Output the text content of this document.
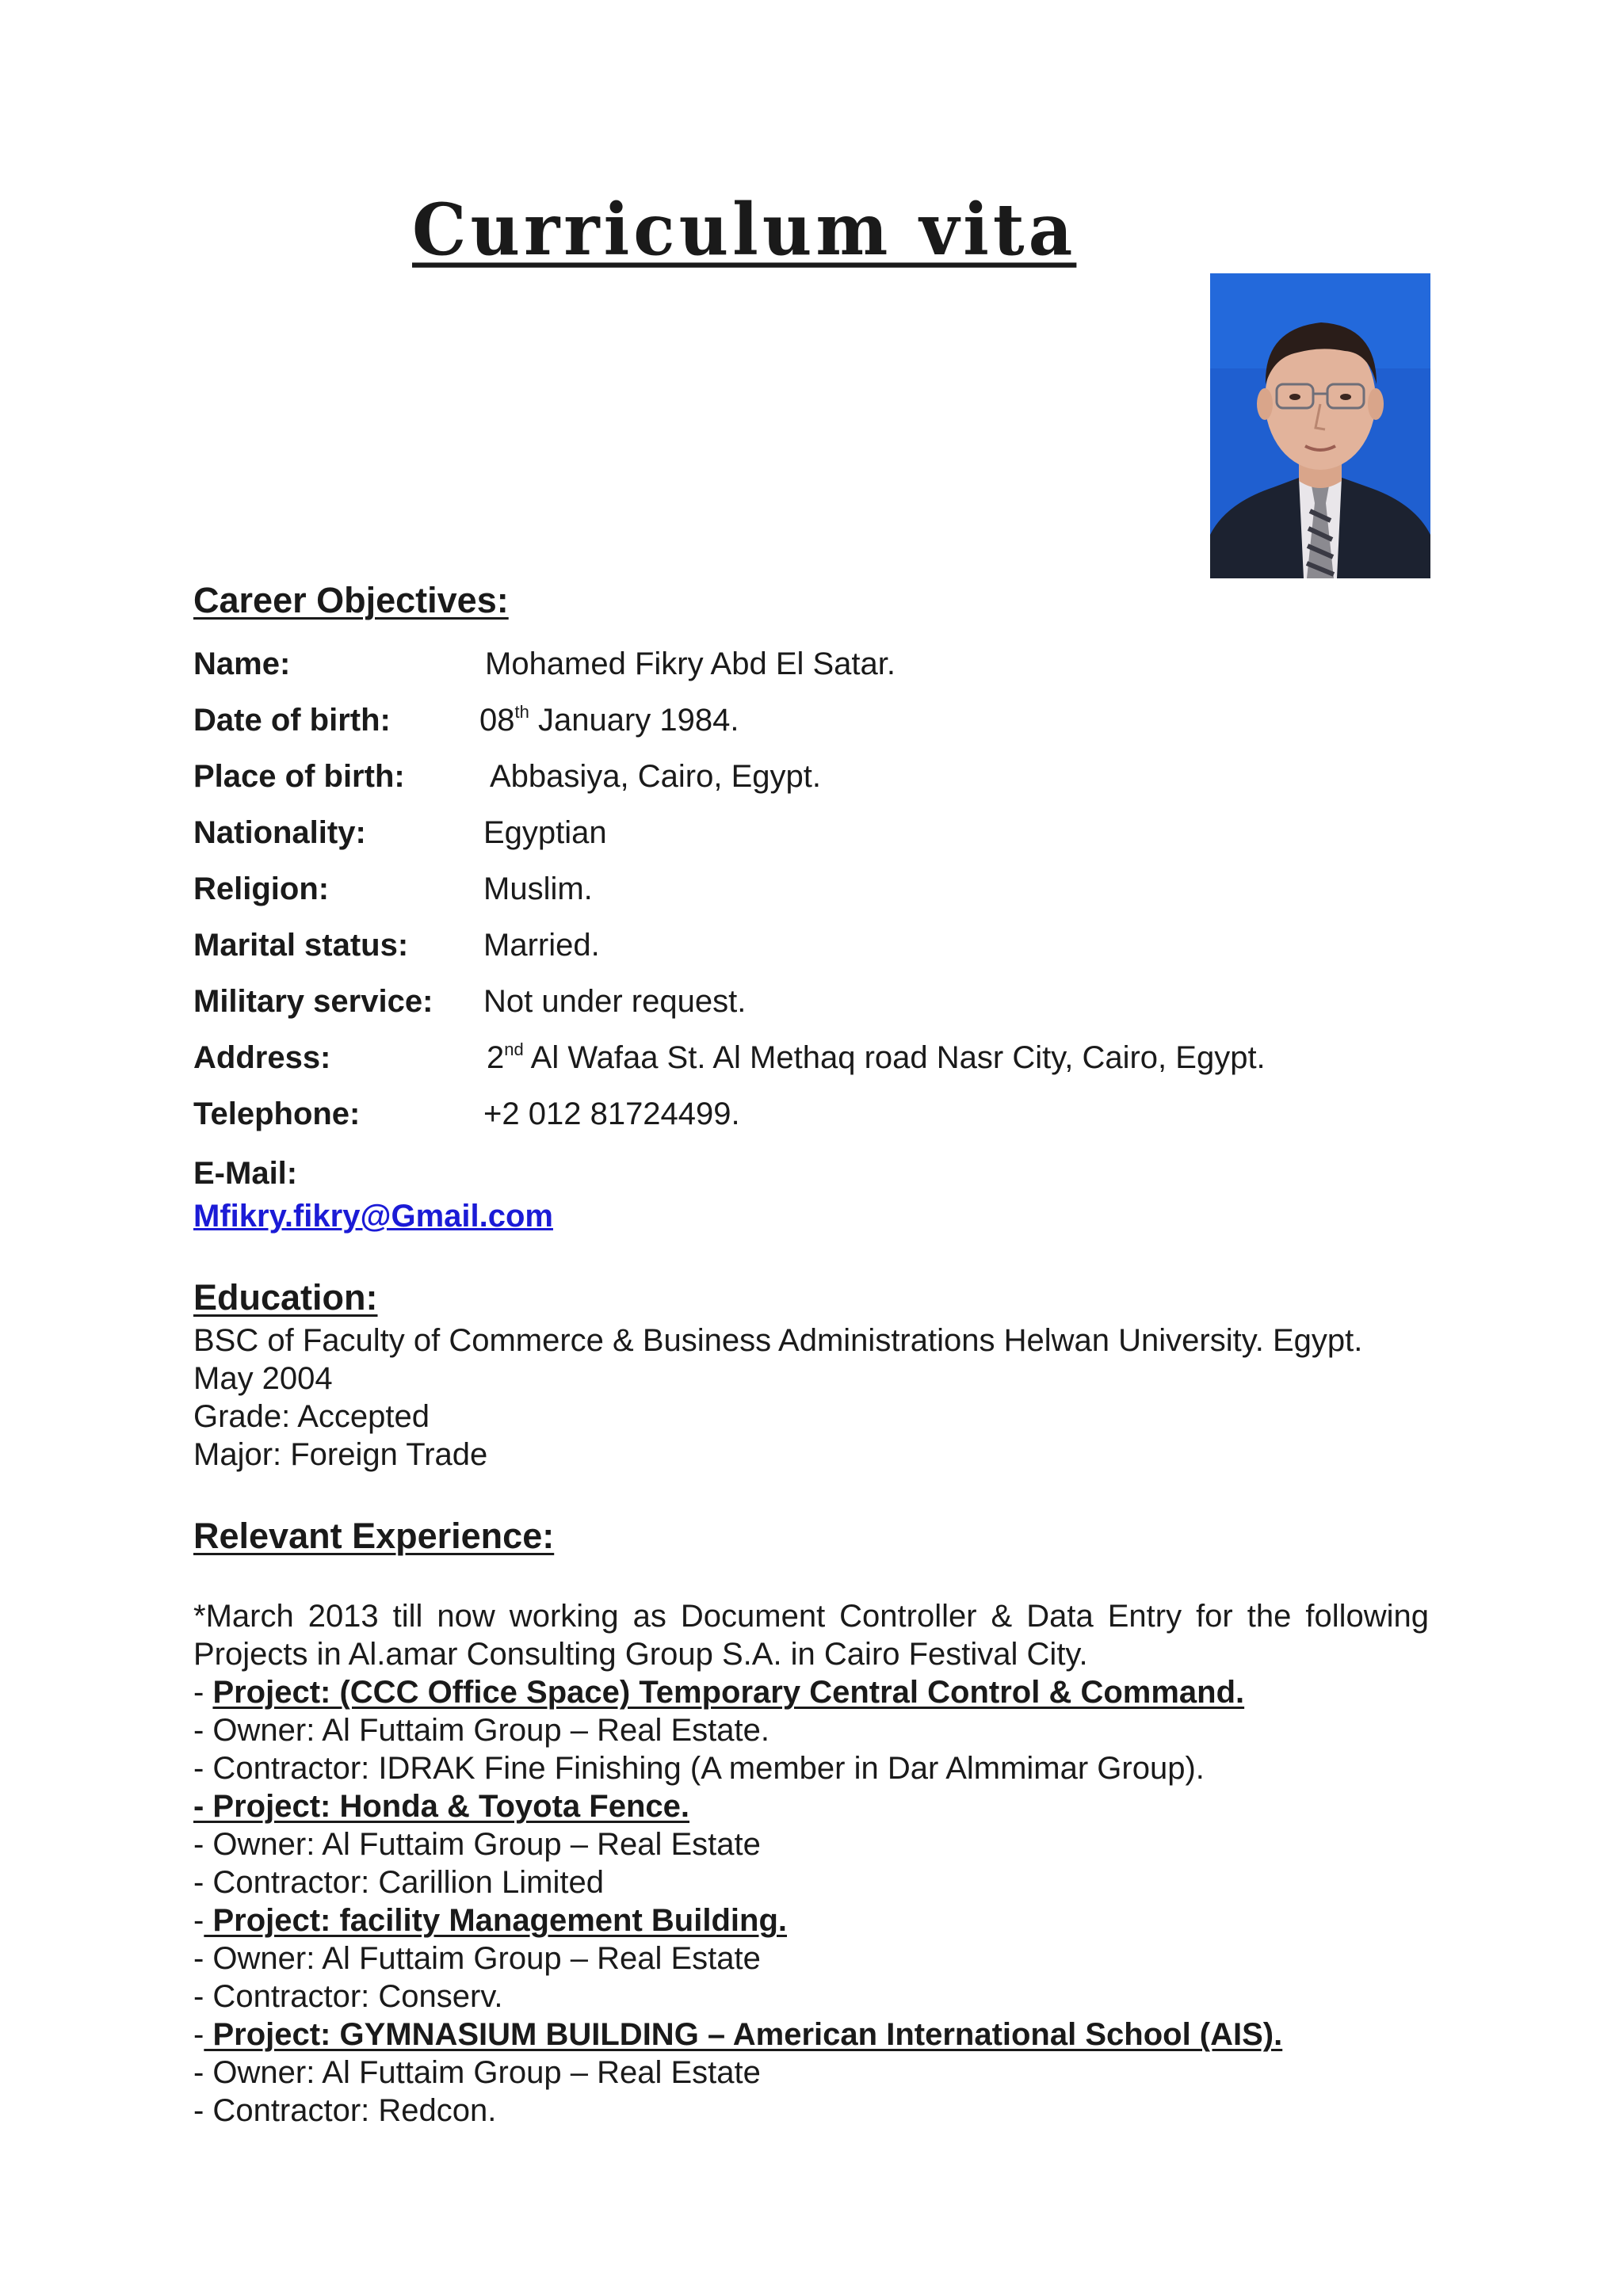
Curriculum vita
Career Objectives:
Name:	Mohamed Fikry Abd El Satar.
Date of birth:	08th January 1984.
Place of birth:	Abbasiya, Cairo, Egypt.
Nationality:	Egyptian
Religion:	Muslim.
Marital status: Married.
Military service: Not under request.
Address:	2nd Al Wafaa St. Al Methaq road Nasr City, Cairo, Egypt.
Telephone:	+2 012 81724499.
E-Mail:
Mfikry.fikry@Gmail.com
Education:
BSC of Faculty of Commerce & Business Administrations Helwan University. Egypt.
May 2004
Grade: Accepted
Major: Foreign Trade
Relevant Experience:
*March 2013 till now working as Document Controller & Data Entry for the following
Projects in Al.amar Consulting Group S.A. in Cairo Festival City.
- Project: (CCC Office Space) Temporary Central Control & Command.
- Owner: Al Futtaim Group – Real Estate.
- Contractor: IDRAK Fine Finishing (A member in Dar Almmimar Group).
- Project: Honda & Toyota Fence.
- Owner: Al Futtaim Group – Real Estate
- Contractor: Carillion Limited
- Project: facility Management Building.
- Owner: Al Futtaim Group – Real Estate
- Contractor: Conserv.
- Project: GYMNASIUM BUILDING – American International School (AIS).
- Owner: Al Futtaim Group – Real Estate
- Contractor: Redcon.
